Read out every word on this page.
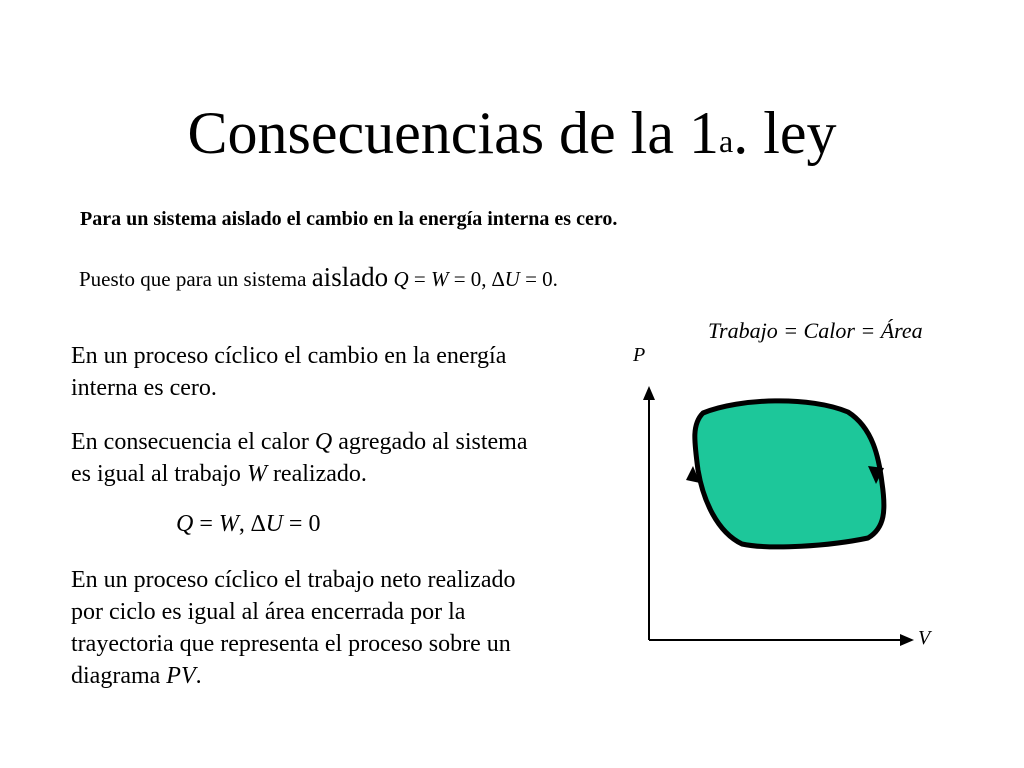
Consecuencias de la 1$^a$. ley
Para un sistema aislado el cambio en la energía interna es cero.
Puesto que para un sistema aislado Q = W = 0, ∆U = 0.

En un proceso cíclico el cambio en la energía interna es cero.

En consecuencia el calor Q agregado al sistema es igual al trabajo W realizado.

Q = W, ∆U = 0

En un proceso cíclico el trabajo neto realizado por ciclo es igual al área encerrada por la trayectoria que representa el proceso sobre un diagrama PV.

Trabajo = Calor = Área
P
V
